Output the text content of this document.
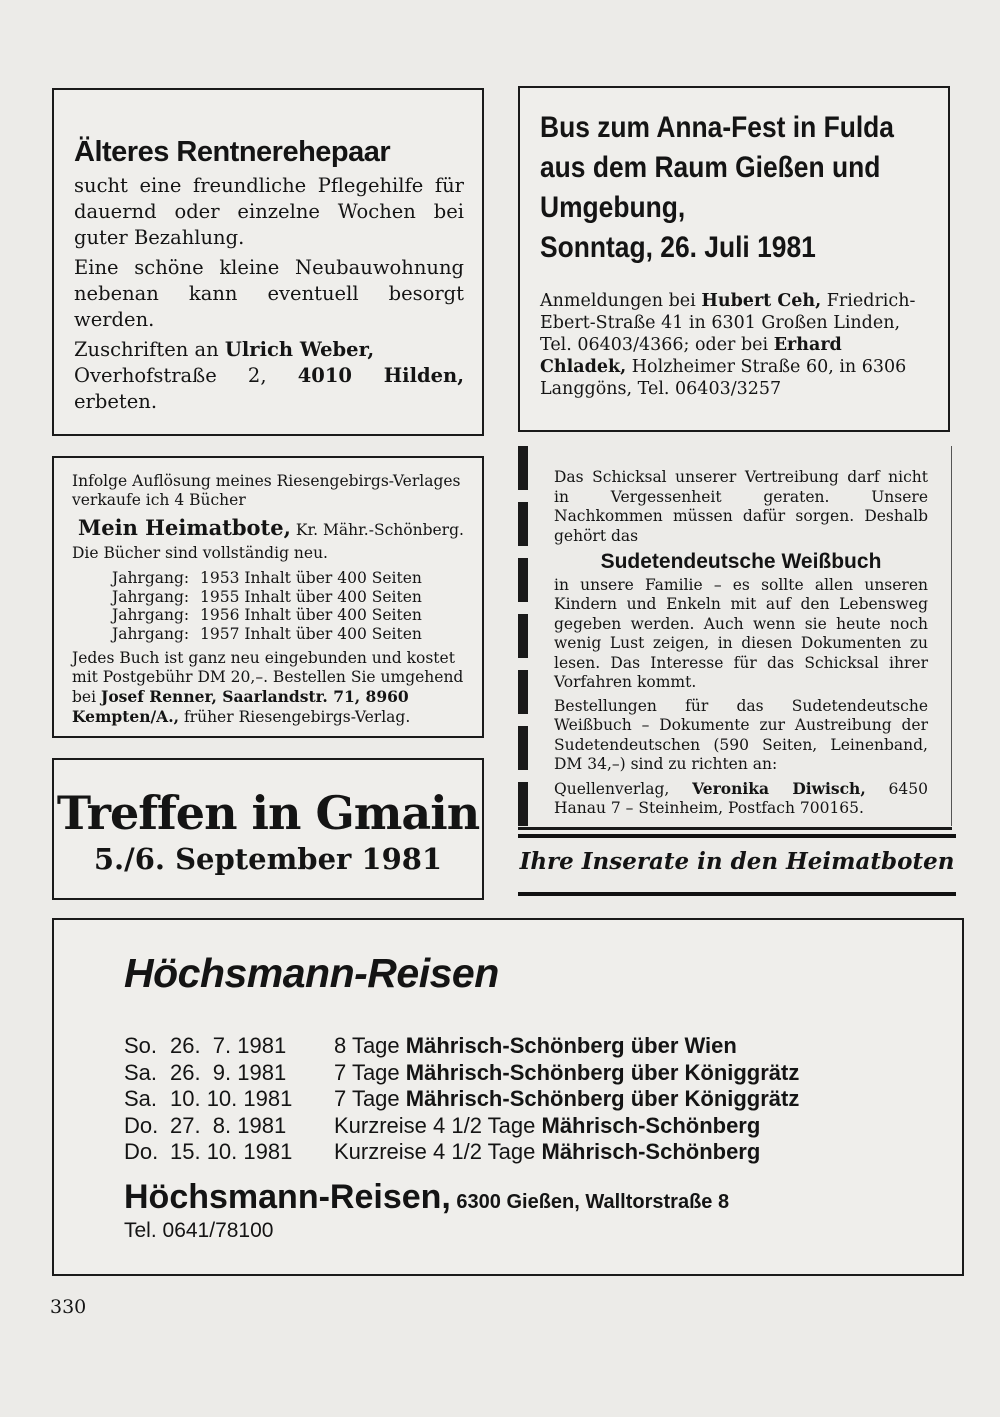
Älteres Rentnerehepaar

sucht eine freundliche Pflegehilfe für dauernd oder einzelne Wochen bei guter Bezahlung.

Eine schöne kleine Neubauwohnung nebenan kann eventuell besorgt werden.

Zuschriften an Ulrich Weber,
Overhofstraße 2, 4010 Hilden, erbeten.

Bus zum Anna-Fest in Fulda
aus dem Raum Gießen und
Umgebung,
Sonntag, 26. Juli 1981

Anmeldungen bei Hubert Ceh, Friedrich-Ebert-Straße 41 in 6301 Großen Linden, Tel. 06403/4366; oder bei Erhard Chladek, Holzheimer Straße 60, in 6306 Langgöns, Tel. 06403/3257

Infolge Auflösung meines Riesengebirgs-Verlages verkaufe ich 4 Bücher

Mein Heimatbote, Kr. Mähr.-Schönberg.

Die Bücher sind vollständig neu.

Jahrgang: 1953 Inhalt über 400 Seiten

Jahrgang: 1955 Inhalt über 400 Seiten

Jahrgang: 1956 Inhalt über 400 Seiten

Jahrgang: 1957 Inhalt über 400 Seiten

Jedes Buch ist ganz neu eingebunden und kostet mit Postgebühr DM 20,–. Bestellen Sie umgehend bei Josef Renner, Saarlandstr. 71, 8960 Kempten/A., früher Riesengebirgs-Verlag.

Treffen in Gmain
5./6. September 1981

Das Schicksal unserer Vertreibung darf nicht in Vergessenheit geraten. Unsere Nachkommen müssen dafür sorgen. Deshalb gehört das

Sudetendeutsche Weißbuch

in unsere Familie – es sollte allen unseren Kindern und Enkeln mit auf den Lebensweg gegeben werden. Auch wenn sie heute noch wenig Lust zeigen, in diesen Dokumenten zu lesen. Das Interesse für das Schicksal ihrer Vorfahren kommt.

Bestellungen für das Sudetendeutsche Weißbuch – Dokumente zur Austreibung der Sudetendeutschen (590 Seiten, Leinenband, DM 34,–) sind zu richten an:

Quellenverlag, Veronika Diwisch, 6450 Hanau 7 – Steinheim, Postfach 700165.

Ihre Inserate in den Heimatboten
Höchsmann-Reisen
So. 26.  7. 1981 8 Tage Mährisch-Schönberg über Wien
Sa. 26.  9. 1981 7 Tage Mährisch-Schönberg über Königgrätz
Sa. 10. 10. 1981 7 Tage Mährisch-Schönberg über Königgrätz
Do. 27.  8. 1981 Kurzreise 4 1/2 Tage Mährisch-Schönberg
Do. 15. 10. 1981 Kurzreise 4 1/2 Tage Mährisch-Schönberg
Höchsmann-Reisen, 6300 Gießen, Walltorstraße 8
Tel. 0641/78100
330
